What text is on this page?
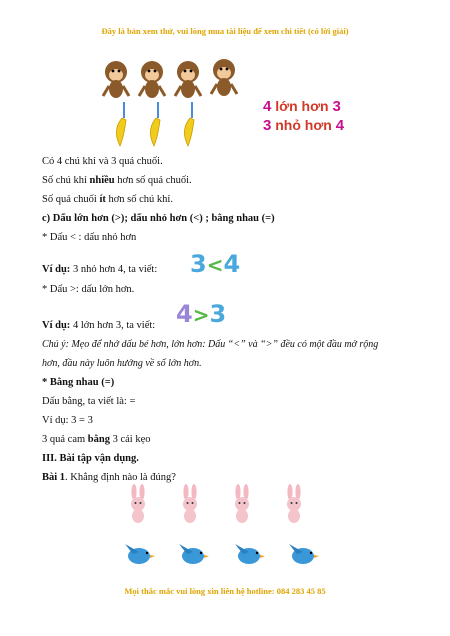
Đây là bản xem thử, vui lòng mua tài liệu để xem chi tiết (có lời giải)
4 lớn hơn 3
3 nhỏ hơn 4
Có 4 chú khỉ và 3 quả chuối.
Số chú khỉ nhiều hơn số quả chuối.
Số quả chuối ít hơn số chú khỉ.
c) Dấu lớn hơn (>); dấu nhỏ hơn (<) ; bằng nhau (=)
* Dấu < : dấu nhỏ hơn
Ví dụ: 3 nhỏ hơn 4, ta viết: 3<4
* Dấu >: dấu lớn hơn.
Ví dụ: 4 lớn hơn 3, ta viết: 4>3
Chú ý: Mẹo để nhớ dấu bé hơn, lớn hơn: Dấu “<” và “>” đều có một đầu mở rộng
hơn, đầu này luôn hướng về số lớn hơn.
* Bằng nhau (=)
Dấu bằng, ta viết là: =
Ví dụ: 3 = 3
3 quả cam bằng 3 cái kẹo
III. Bài tập vận dụng.
Bài 1. Khẳng định nào là đúng?
Mọi thắc mắc vui lòng xin liên hệ hotline: 084 283 45 85
